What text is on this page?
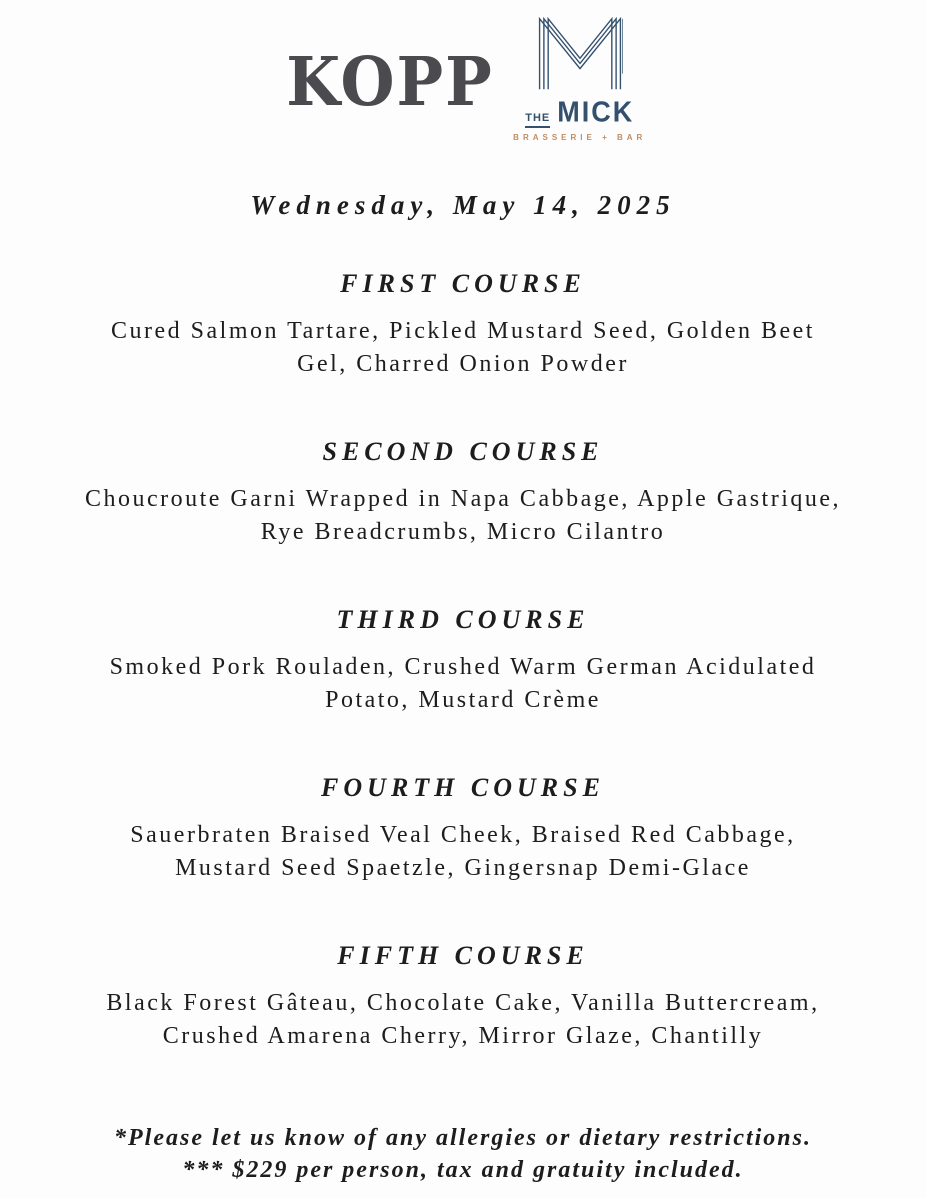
KOPP	THE MICK
BRASSERIE + BAR
Wednesday, May 14, 2025
FIRST COURSE

Cured Salmon Tartare, Pickled Mustard Seed, Golden Beet Gel, Charred Onion Powder

SECOND COURSE

Choucroute Garni Wrapped in Napa Cabbage, Apple Gastrique, Rye Breadcrumbs, Micro Cilantro

THIRD COURSE

Smoked Pork Rouladen, Crushed Warm German Acidulated Potato, Mustard Crème

FOURTH COURSE

Sauerbraten Braised Veal Cheek, Braised Red Cabbage, Mustard Seed Spaetzle, Gingersnap Demi-Glace

FIFTH COURSE

Black Forest Gâteau, Chocolate Cake, Vanilla Buttercream, Crushed Amarena Cherry, Mirror Glaze, Chantilly

*Please let us know of any allergies or dietary restrictions.

*** $229 per person, tax and gratuity included.
